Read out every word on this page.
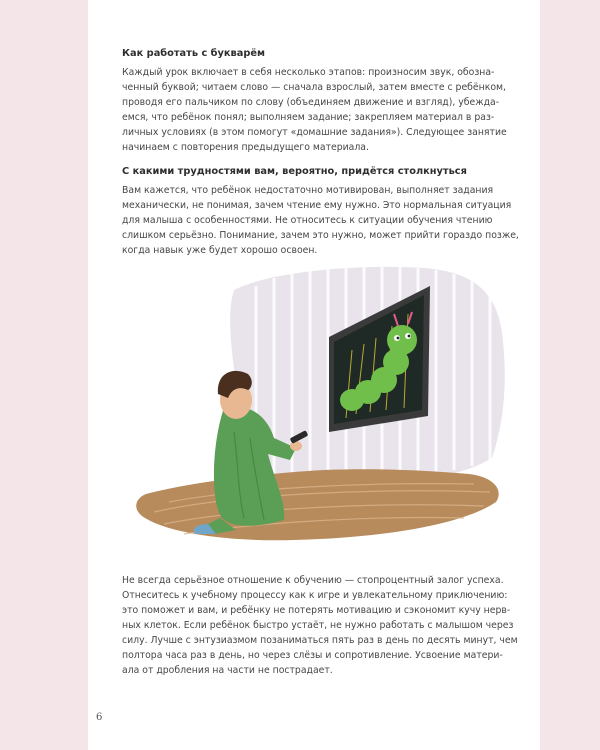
Как работать с букварём
Каждый урок включает в себя несколько этапов: произносим звук, обозна-
ченный буквой; читаем слово — сначала взрослый, затем вместе с ребёнком,
проводя его пальчиком по слову (объединяем движение и взгляд), убежда-
емся, что ребёнок понял; выполняем задание; закрепляем материал в раз-
личных условиях (в этом помогут «домашние задания»). Следующее занятие
начинаем с повторения предыдущего материала.
С какими трудностями вам, вероятно, придётся столкнуться
Вам кажется, что ребёнок недостаточно мотивирован, выполняет задания
механически, не понимая, зачем чтение ему нужно. Это нормальная ситуация
для малыша с особенностями. Не относитесь к ситуации обучения чтению
слишком серьёзно. Понимание, зачем это нужно, может прийти гораздо позже,
когда навык уже будет хорошо освоен.
Не всегда серьёзное отношение к обучению — стопроцентный залог успеха.
Отнеситесь к учебному процессу как к игре и увлекательному приключению:
это поможет и вам, и ребёнку не потерять мотивацию и сэкономит кучу нерв-
ных клеток. Если ребёнок быстро устаёт, не нужно работать с малышом через
силу. Лучше с энтузиазмом позаниматься пять раз в день по десять минут, чем
полтора часа раз в день, но через слёзы и сопротивление. Усвоение матери-
ала от дробления на части не пострадает.
6
